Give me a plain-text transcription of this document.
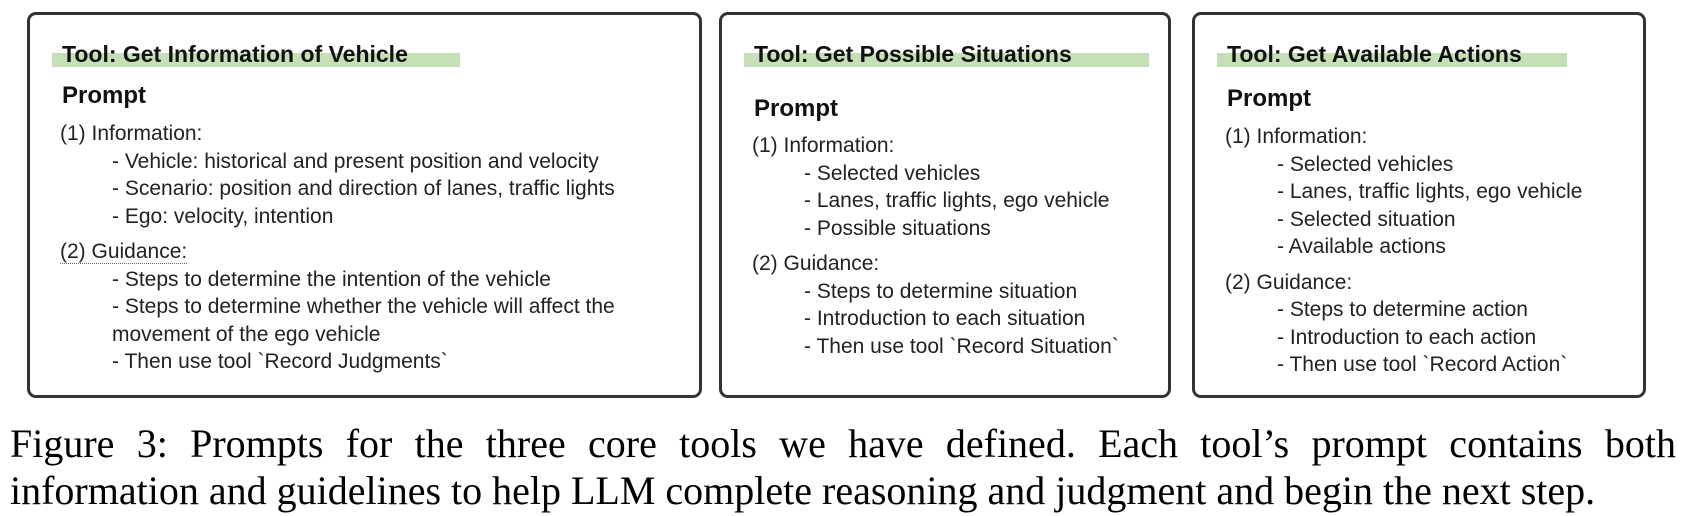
Tool: Get Information of Vehicle
Prompt
(1) Information:
- Vehicle: historical and present position and velocity
- Scenario: position and direction of lanes, traffic lights
- Ego: velocity, intention
(2) Guidance:
- Steps to determine the intention of the vehicle
- Steps to determine whether the vehicle will affect the movement of the ego vehicle
- Then use tool `Record Judgments`
Tool: Get Possible Situations
Prompt
(1) Information:
- Selected vehicles
- Lanes, traffic lights, ego vehicle
- Possible situations
(2) Guidance:
- Steps to determine situation
- Introduction to each situation
- Then use tool `Record Situation`
Tool: Get Available Actions
Prompt
(1) Information:
- Selected vehicles
- Lanes, traffic lights, ego vehicle
- Selected situation
- Available actions
(2) Guidance:
- Steps to determine action
- Introduction to each action
- Then use tool `Record Action`
Figure 3: Prompts for the three core tools we have defined. Each tool’s prompt contains both
information and guidelines to help LLM complete reasoning and judgment and begin the next step.
